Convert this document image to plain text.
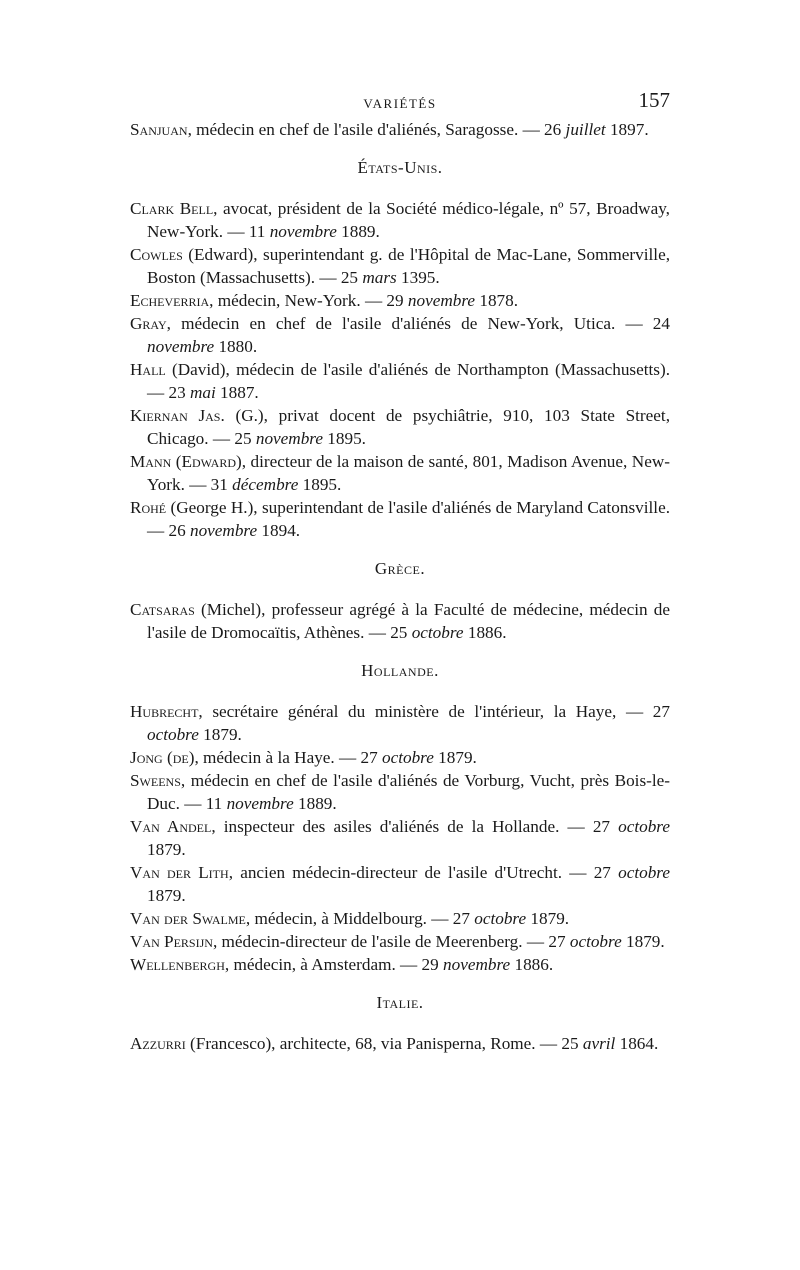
VARIÉTÉS	157

Sanjuan, médecin en chef de l'asile d'aliénés, Saragosse. — 26 juillet 1897.

États-Unis.

Clark Bell, avocat, président de la Société médico-légale, nº 57, Broadway, New-York. — 11 novembre 1889.

Cowles (Edward), superintendant g. de l'Hôpital de Mac-Lane, Sommerville, Boston (Massachusetts). — 25 mars 1395.

Echeverria, médecin, New-York. — 29 novembre 1878.

Gray, médecin en chef de l'asile d'aliénés de New-York, Utica. — 24 novembre 1880.

Hall (David), médecin de l'asile d'aliénés de Northampton (Massachusetts). — 23 mai 1887.

Kiernan Jas. (G.), privat docent de psychiâtrie, 910, 103 State Street, Chicago. — 25 novembre 1895.

Mann (Edward), directeur de la maison de santé, 801, Madison Avenue, New-York. — 31 décembre 1895.

Rohé (George H.), superintendant de l'asile d'aliénés de Maryland Catonsville. — 26 novembre 1894.

Grèce.

Catsaras (Michel), professeur agrégé à la Faculté de médecine, médecin de l'asile de Dromocaïtis, Athènes. — 25 octobre 1886.

Hollande.

Hubrecht, secrétaire général du ministère de l'intérieur, la Haye, — 27 octobre 1879.

Jong (de), médecin à la Haye. — 27 octobre 1879.

Sweens, médecin en chef de l'asile d'aliénés de Vorburg, Vucht, près Bois-le-Duc. — 11 novembre 1889.

Van Andel, inspecteur des asiles d'aliénés de la Hollande. — 27 octobre 1879.

Van der Lith, ancien médecin-directeur de l'asile d'Utrecht. — 27 octobre 1879.

Van der Swalme, médecin, à Middelbourg. — 27 octobre 1879.

Van Persijn, médecin-directeur de l'asile de Meerenberg. — 27 octobre 1879.

Wellenbergh, médecin, à Amsterdam. — 29 novembre 1886.

Italie.

Azzurri (Francesco), architecte, 68, via Panisperna, Rome. — 25 avril 1864.
